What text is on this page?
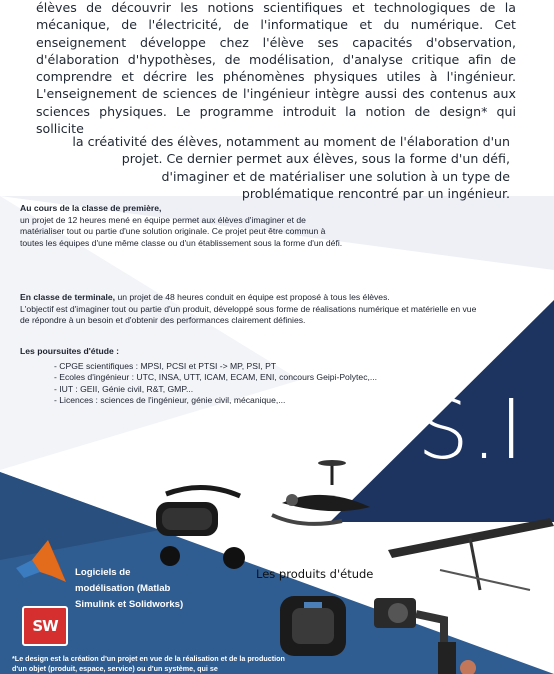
élèves de découvrir les notions scientifiques et technologiques de la mécanique, de l'électricité, de l'informatique et du numérique. Cet enseignement développe chez l'élève ses capacités d'observation, d'élaboration d'hypothèses, de modélisation, d'analyse critique afin de comprendre et décrire les phénomènes physiques utiles à l'ingénieur. L'enseignement de sciences de l'ingénieur intègre aussi des contenus aux sciences physiques. Le programme introduit la notion de design* qui sollicite
la créativité des élèves, notamment au moment de l'élaboration d'un projet. Ce dernier permet aux élèves, sous la forme d'un défi, d'imaginer et de matérialiser une solution à un type de problématique rencontré par un ingénieur.
Au cours de la classe de première,
un projet de 12 heures mené en équipe permet aux élèves d'imaginer et de matérialiser tout ou partie d'une solution originale. Ce projet peut être commun à toutes les équipes d'une même classe ou d'un établissement sous la forme d'un défi.
En classe de terminale, un projet de 48 heures conduit en équipe est proposé à tous les élèves.
L'objectif est d'imaginer tout ou partie d'un produit, développé sous forme de réalisations numérique et matérielle en vue de répondre à un besoin et d'obtenir des performances clairement définies.
Les poursuites d'étude :
- CPGE scientifiques : MPSI, PCSI et PTSI -> MP, PSI, PT
- Ecoles d'ingénieur : UTC, INSA, UTT, ICAM, ECAM, ENI, concours Geipi-Polytec,...
- IUT : GEII, Génie civil, R&T, GMP...
- Licences : sciences de l'ingénieur, génie civil, mécanique,...	S.I
SW
Logiciels de modélisation (Matlab Simulink et Solidworks)
Les produits d'étude
*Le design est la création d'un projet en vue de la réalisation et de la production d'un objet (produit, espace, service) ou d'un système, qui se
